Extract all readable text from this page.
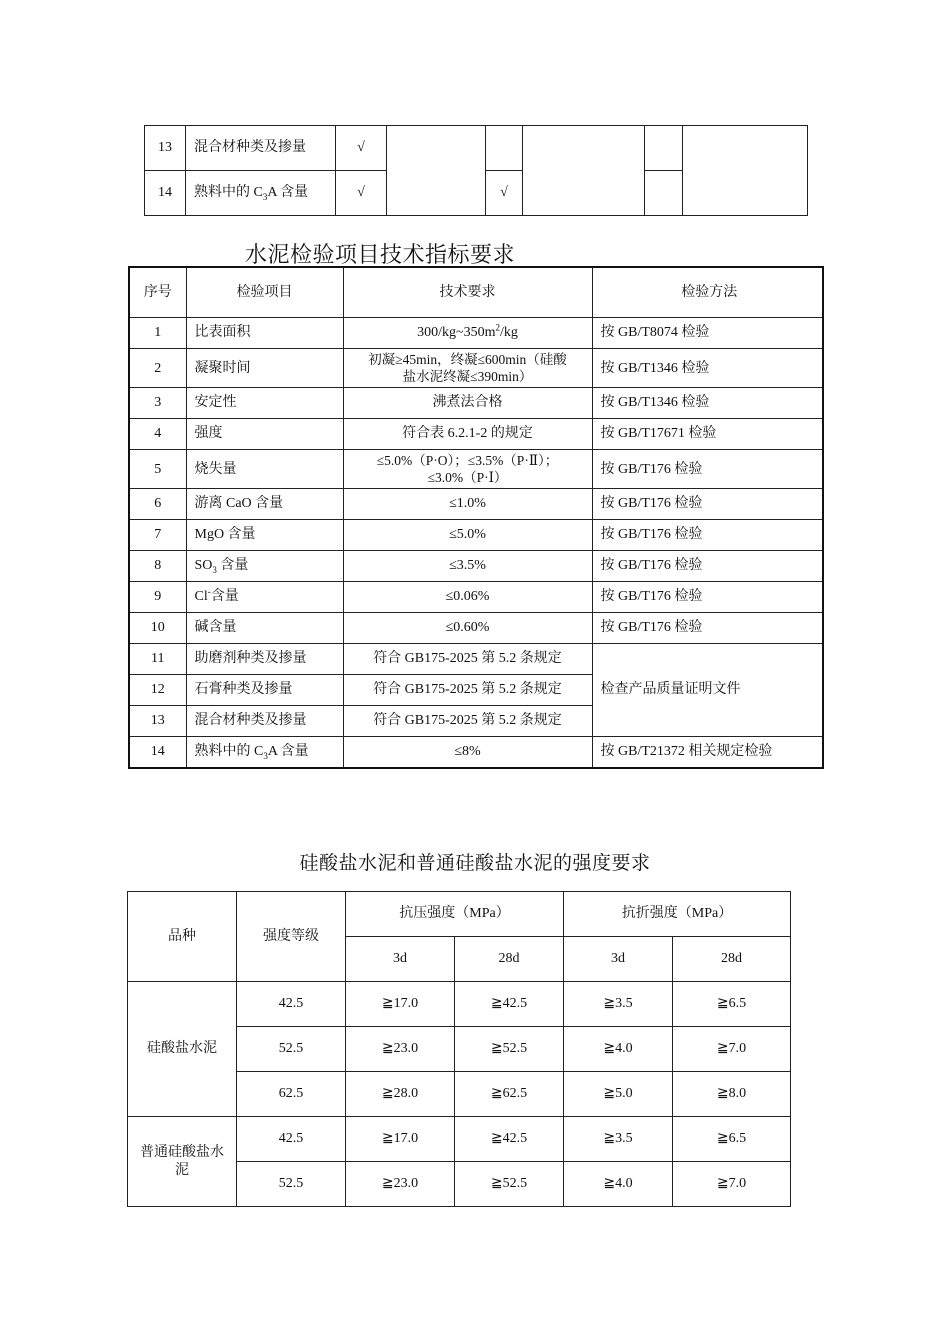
13	混合材种类及掺量	√					
14	熟料中的 $C_3A$ 含量	√		√			
水泥检验项目技术指标要求
序号	检验项目	技术要求	检验方法
1	比表面积	$300/kg\sim 350m^2/kg$	按 GB/T8074 检验
2	凝聚时间	初凝≥45min，终凝≤600min（硅酸盐水泥终凝≤390min）	按 GB/T1346 检验
3	安定性	沸煮法合格	按 GB/T1346 检验
4	强度	符合表 6.2.1-2 的规定	按 GB/T17671 检验
5	烧失量	≤5.0%（P·O）；≤3.5%（P·Ⅱ）；≤3.0%（P·Ⅰ）	按 GB/T176 检验
6	游离 CaO 含量	≤1.0%	按 GB/T176 检验
7	MgO 含量	≤5.0%	按 GB/T176 检验
8	$SO_3$ 含量	≤3.5%	按 GB/T176 检验
9	Cl-含量	≤0.06%	按 GB/T176 检验
10	碱含量	≤0.60%	按 GB/T176 检验
11	助磨剂种类及掺量	符合 GB175-2025 第 5.2 条规定	检查产品质量证明文件
12	石膏种类及掺量	符合 GB175-2025 第 5.2 条规定	
13	混合材种类及掺量	符合 GB175-2025 第 5.2 条规定	
14	熟料中的 $C_3A$ 含量	≤8%	按 GB/T21372 相关规定检验
硅酸盐水泥和普通硅酸盐水泥的强度要求
品种	强度等级	抗压强度（MPa）		抗折强度（MPa）	
		3d	28d	3d	28d
硅酸盐水泥	42.5	≧17.0	≧42.5	≧3.5	≧6.5
	52.5	≧23.0	≧52.5	≧4.0	≧7.0
	62.5	≧28.0	≧62.5	≧5.0	≧8.0
普通硅酸盐水泥	42.5	≧17.0	≧42.5	≧3.5	≧6.5
	52.5	≧23.0	≧52.5	≧4.0	≧7.0
